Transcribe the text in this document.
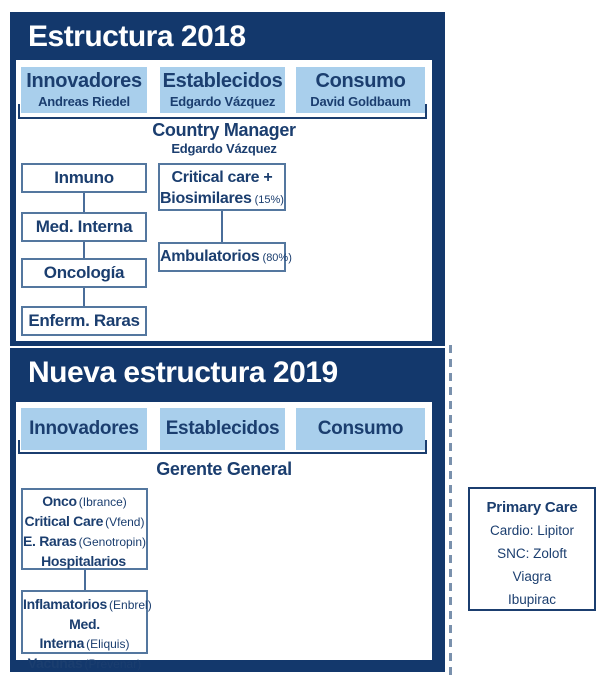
Estructura 2018
Innovadores
Andreas Riedel
Establecidos
Edgardo Vázquez
Consumo
David Goldbaum
Country Manager
Edgardo Vázquez
Inmuno
Med. Interna
Oncología
Enferm. Raras
Critical care +
Biosimilares (15%)
Ambulatorios (80%)
Nueva estructura 2019
Innovadores	Establecidos	Consumo
Gerente General
Onco (Ibrance)
Critical Care (Vfend)
E. Raras (Genotropin)
Hospitalarios
Inflamatorios (Enbrel)
Med. Interna (Eliquis)
Vacunas (Prevenar)
Primary Care
Cardio: Lipitor
SNC: Zoloft
Viagra
Ibupirac
